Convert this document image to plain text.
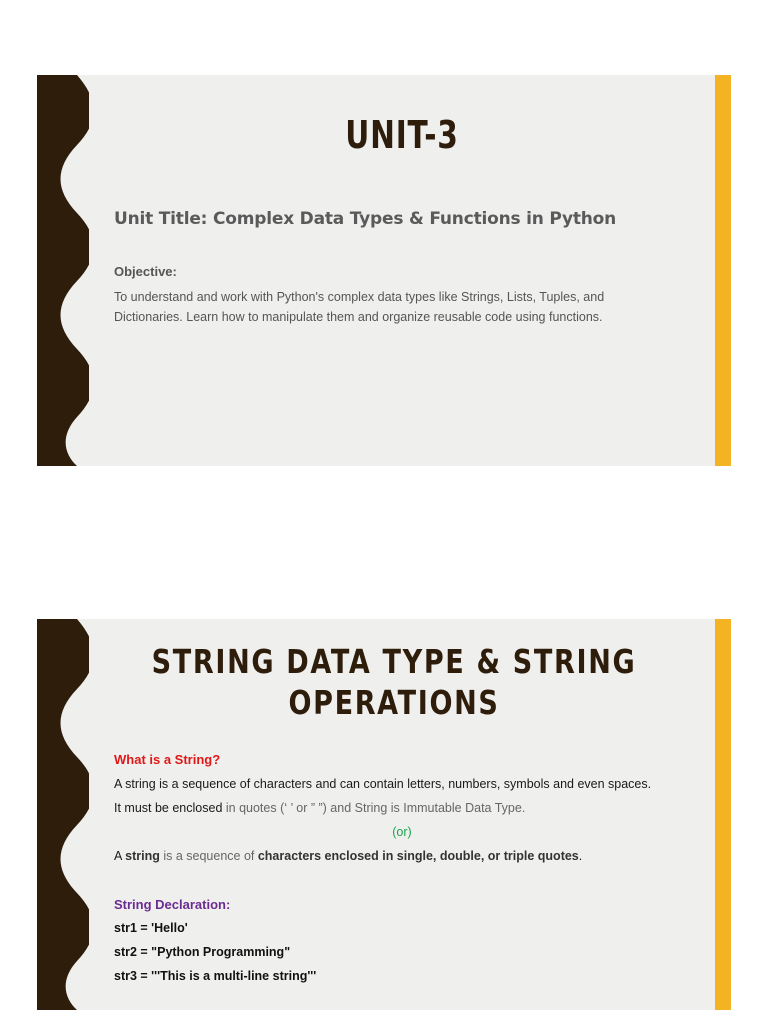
UNIT-3
Unit Title: Complex Data Types & Functions in Python
Objective:

To understand and work with Python's complex data types like Strings, Lists, Tuples, and Dictionaries. Learn how to manipulate them and organize reusable code using functions.

STRING DATA TYPE & STRING
OPERATIONS
What is a String?

A string is a sequence of characters and can contain letters, numbers, symbols and even spaces.

It must be enclosed in quotes (‘ ’ or ” ”) and String is Immutable Data Type.

(or)

A string is a sequence of characters enclosed in single, double, or triple quotes.

String Declaration:
str1 = 'Hello'
str2 = "Python Programming"
str3 = '''This is a multi-line string'''
